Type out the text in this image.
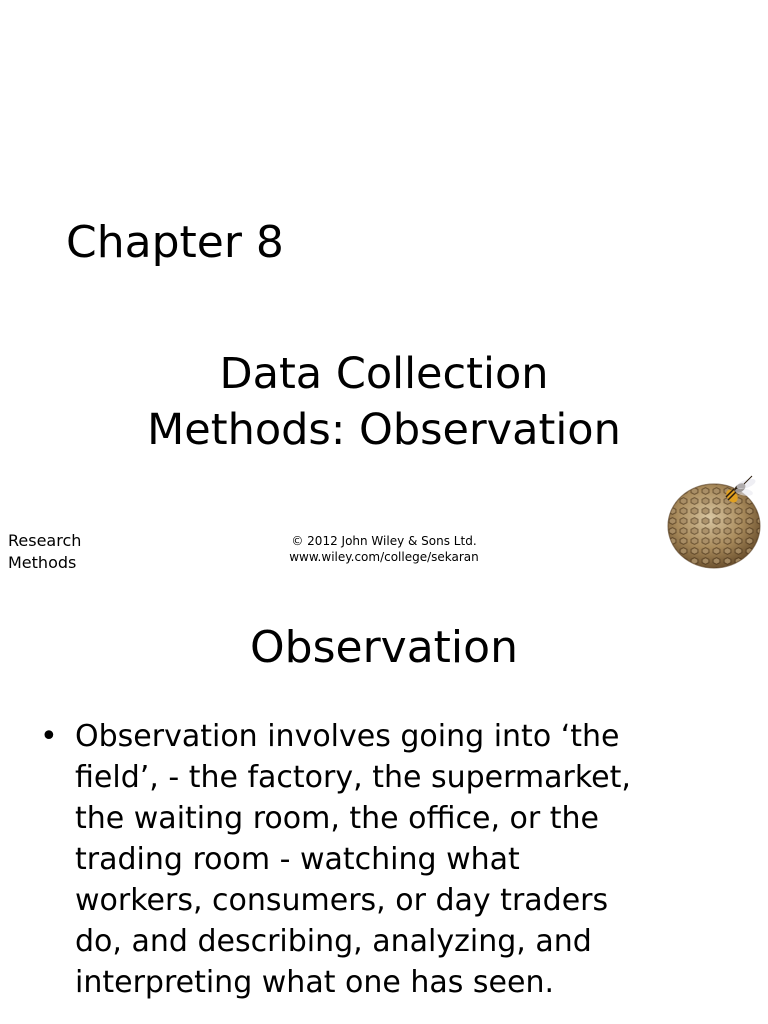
Chapter 8
Data Collection
Methods: Observation
Research
Methods
© 2012 John Wiley & Sons Ltd.
www.wiley.com/college/sekaran
Observation
• Observation involves going into ‘the
field’, - the factory, the supermarket,
the waiting room, the office, or the
trading room - watching what
workers, consumers, or day traders
do, and describing, analyzing, and
interpreting what one has seen.
